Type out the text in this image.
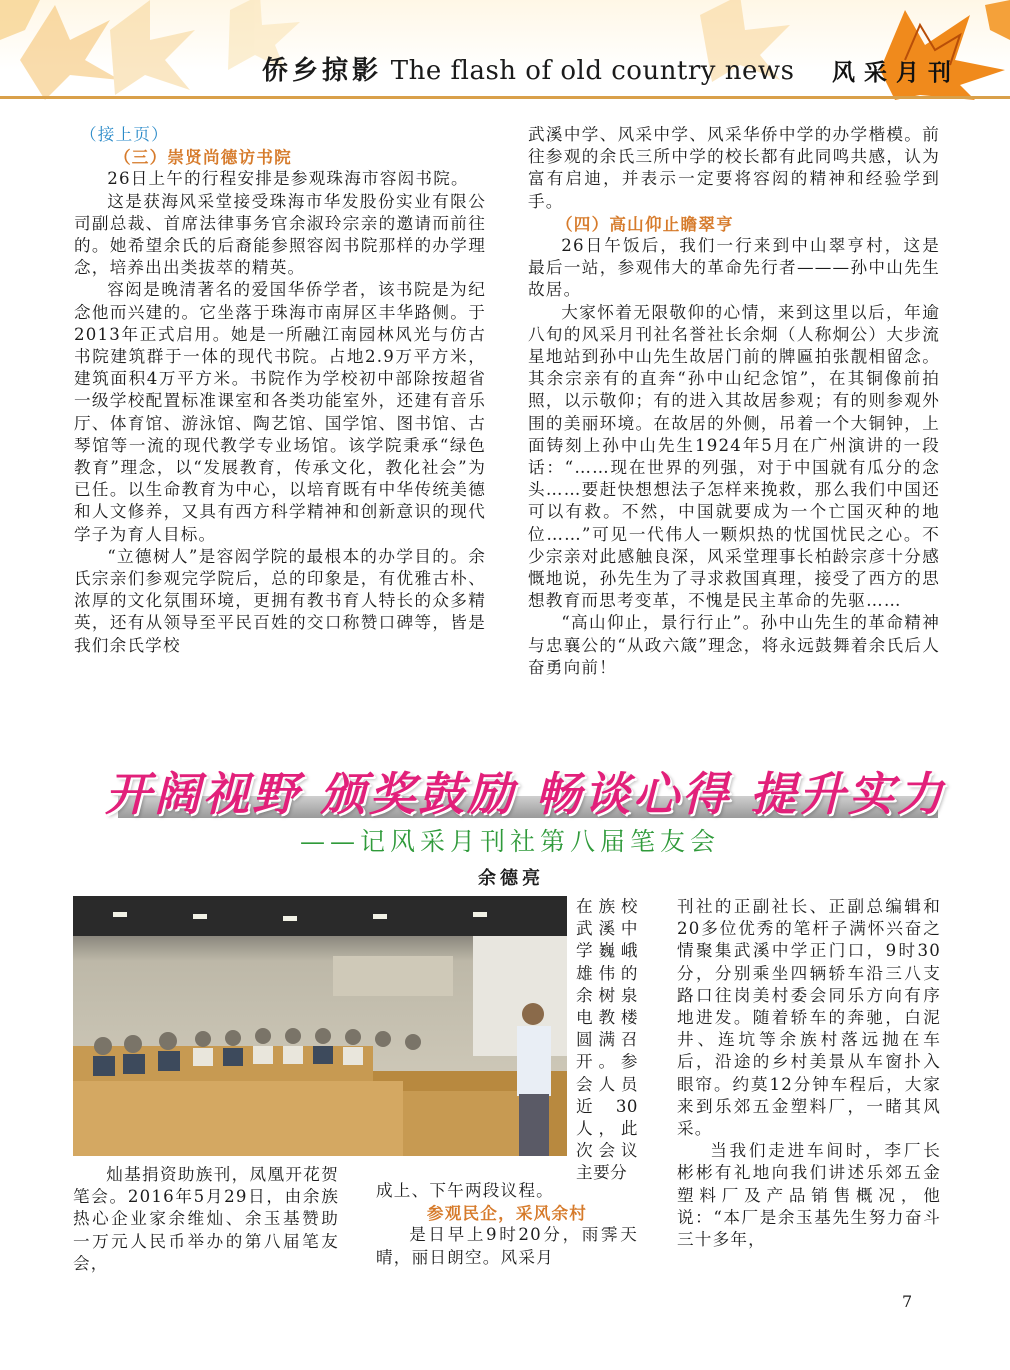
侨乡掠影 The flash of old country news 风采月刊

（接上页）

（三）崇贤尚德访书院

26日上午的行程安排是参观珠海市容闳书院。

这是获海风采堂接受珠海市华发股份实业有限公司副总裁、首席法律事务官余淑玲宗亲的邀请而前往的。她希望余氏的后裔能参照容闳书院那样的办学理念，培养出出类拔萃的精英。

容闳是晚清著名的爱国华侨学者，该书院是为纪念他而兴建的。它坐落于珠海市南屏区丰华路侧。于2013年正式启用。她是一所融江南园林风光与仿古书院建筑群于一体的现代书院。占地2.9万平方米，建筑面积4万平方米。书院作为学校初中部除按超省一级学校配置标准课室和各类功能室外，还建有音乐厅、体育馆、游泳馆、陶艺馆、国学馆、图书馆、古琴馆等一流的现代教学专业场馆。该学院秉承“绿色教育”理念，以“发展教育，传承文化，教化社会”为已任。以生命教育为中心，以培育既有中华传统美德和人文修养，又具有西方科学精神和创新意识的现代学子为育人目标。

“立德树人”是容闳学院的最根本的办学目的。余氏宗亲们参观完学院后，总的印象是，有优雅古朴、浓厚的文化氛围环境，更拥有教书育人特长的众多精英，还有从领导至平民百姓的交口称赞口碑等，皆是我们余氏学校

武溪中学、风采中学、风采华侨中学的办学楷模。前往参观的余氏三所中学的校长都有此同鸣共感，认为富有启迪，并表示一定要将容闳的精神和经验学到手。

（四）高山仰止瞻翠亨

26日午饭后，我们一行来到中山翠亨村，这是最后一站，参观伟大的革命先行者———孙中山先生故居。

大家怀着无限敬仰的心情，来到这里以后，年逾八旬的风采月刊社名誉社长余炯（人称炯公）大步流星地站到孙中山先生故居门前的牌匾拍张靓相留念。其余宗亲有的直奔“孙中山纪念馆”，在其铜像前拍照，以示敬仰；有的进入其故居参观；有的则参观外围的美丽环境。在故居的外侧，吊着一个大铜钟，上面铸刻上孙中山先生1924年5月在广州演讲的一段话：“……现在世界的列强，对于中国就有瓜分的念头……要赶快想想法子怎样来挽救，那么我们中国还可以有救。不然，中国就要成为一个亡国灭种的地位……”可见一代伟人一颗炽热的忧国忧民之心。不少宗亲对此感触良深，风采堂理事长柏龄宗彦十分感慨地说，孙先生为了寻求救国真理，接受了西方的思想教育而思考变革，不愧是民主革命的先驱……

“高山仰止，景行行止”。孙中山先生的革命精神与忠襄公的“从政六箴”理念，将永远鼓舞着余氏后人奋勇向前！

开阔视野 颁奖鼓励 畅谈心得 提升实力
——记风采月刊社第八届笔友会
余德亮
在族校武溪中学巍峨雄伟的余树泉电教楼圆满召开。参会人员近30人，此次会议主要分

灿基捐资助族刊，凤凰开花贺笔会。2016年5月29日，由余族热心企业家余维灿、余玉基赞助一万元人民币举办的第八届笔友会，

成上、下午两段议程。

参观民企，采风余村

是日早上9时20分，雨霁天晴，丽日朗空。风采月

刊社的正副社长、正副总编辑和20多位优秀的笔杆子满怀兴奋之情聚集武溪中学正门口，9时30分，分别乘坐四辆轿车沿三八支路口往岗美村委会同乐方向有序地进发。随着轿车的奔驰，白泥井、连坑等余族村落远抛在车后，沿途的乡村美景从车窗扑入眼帘。约莫12分钟车程后，大家来到乐郊五金塑料厂，一睹其风采。

当我们走进车间时，李厂长彬彬有礼地向我们讲述乐郊五金塑料厂及产品销售概况，他说：“本厂是余玉基先生努力奋斗三十多年，

7
